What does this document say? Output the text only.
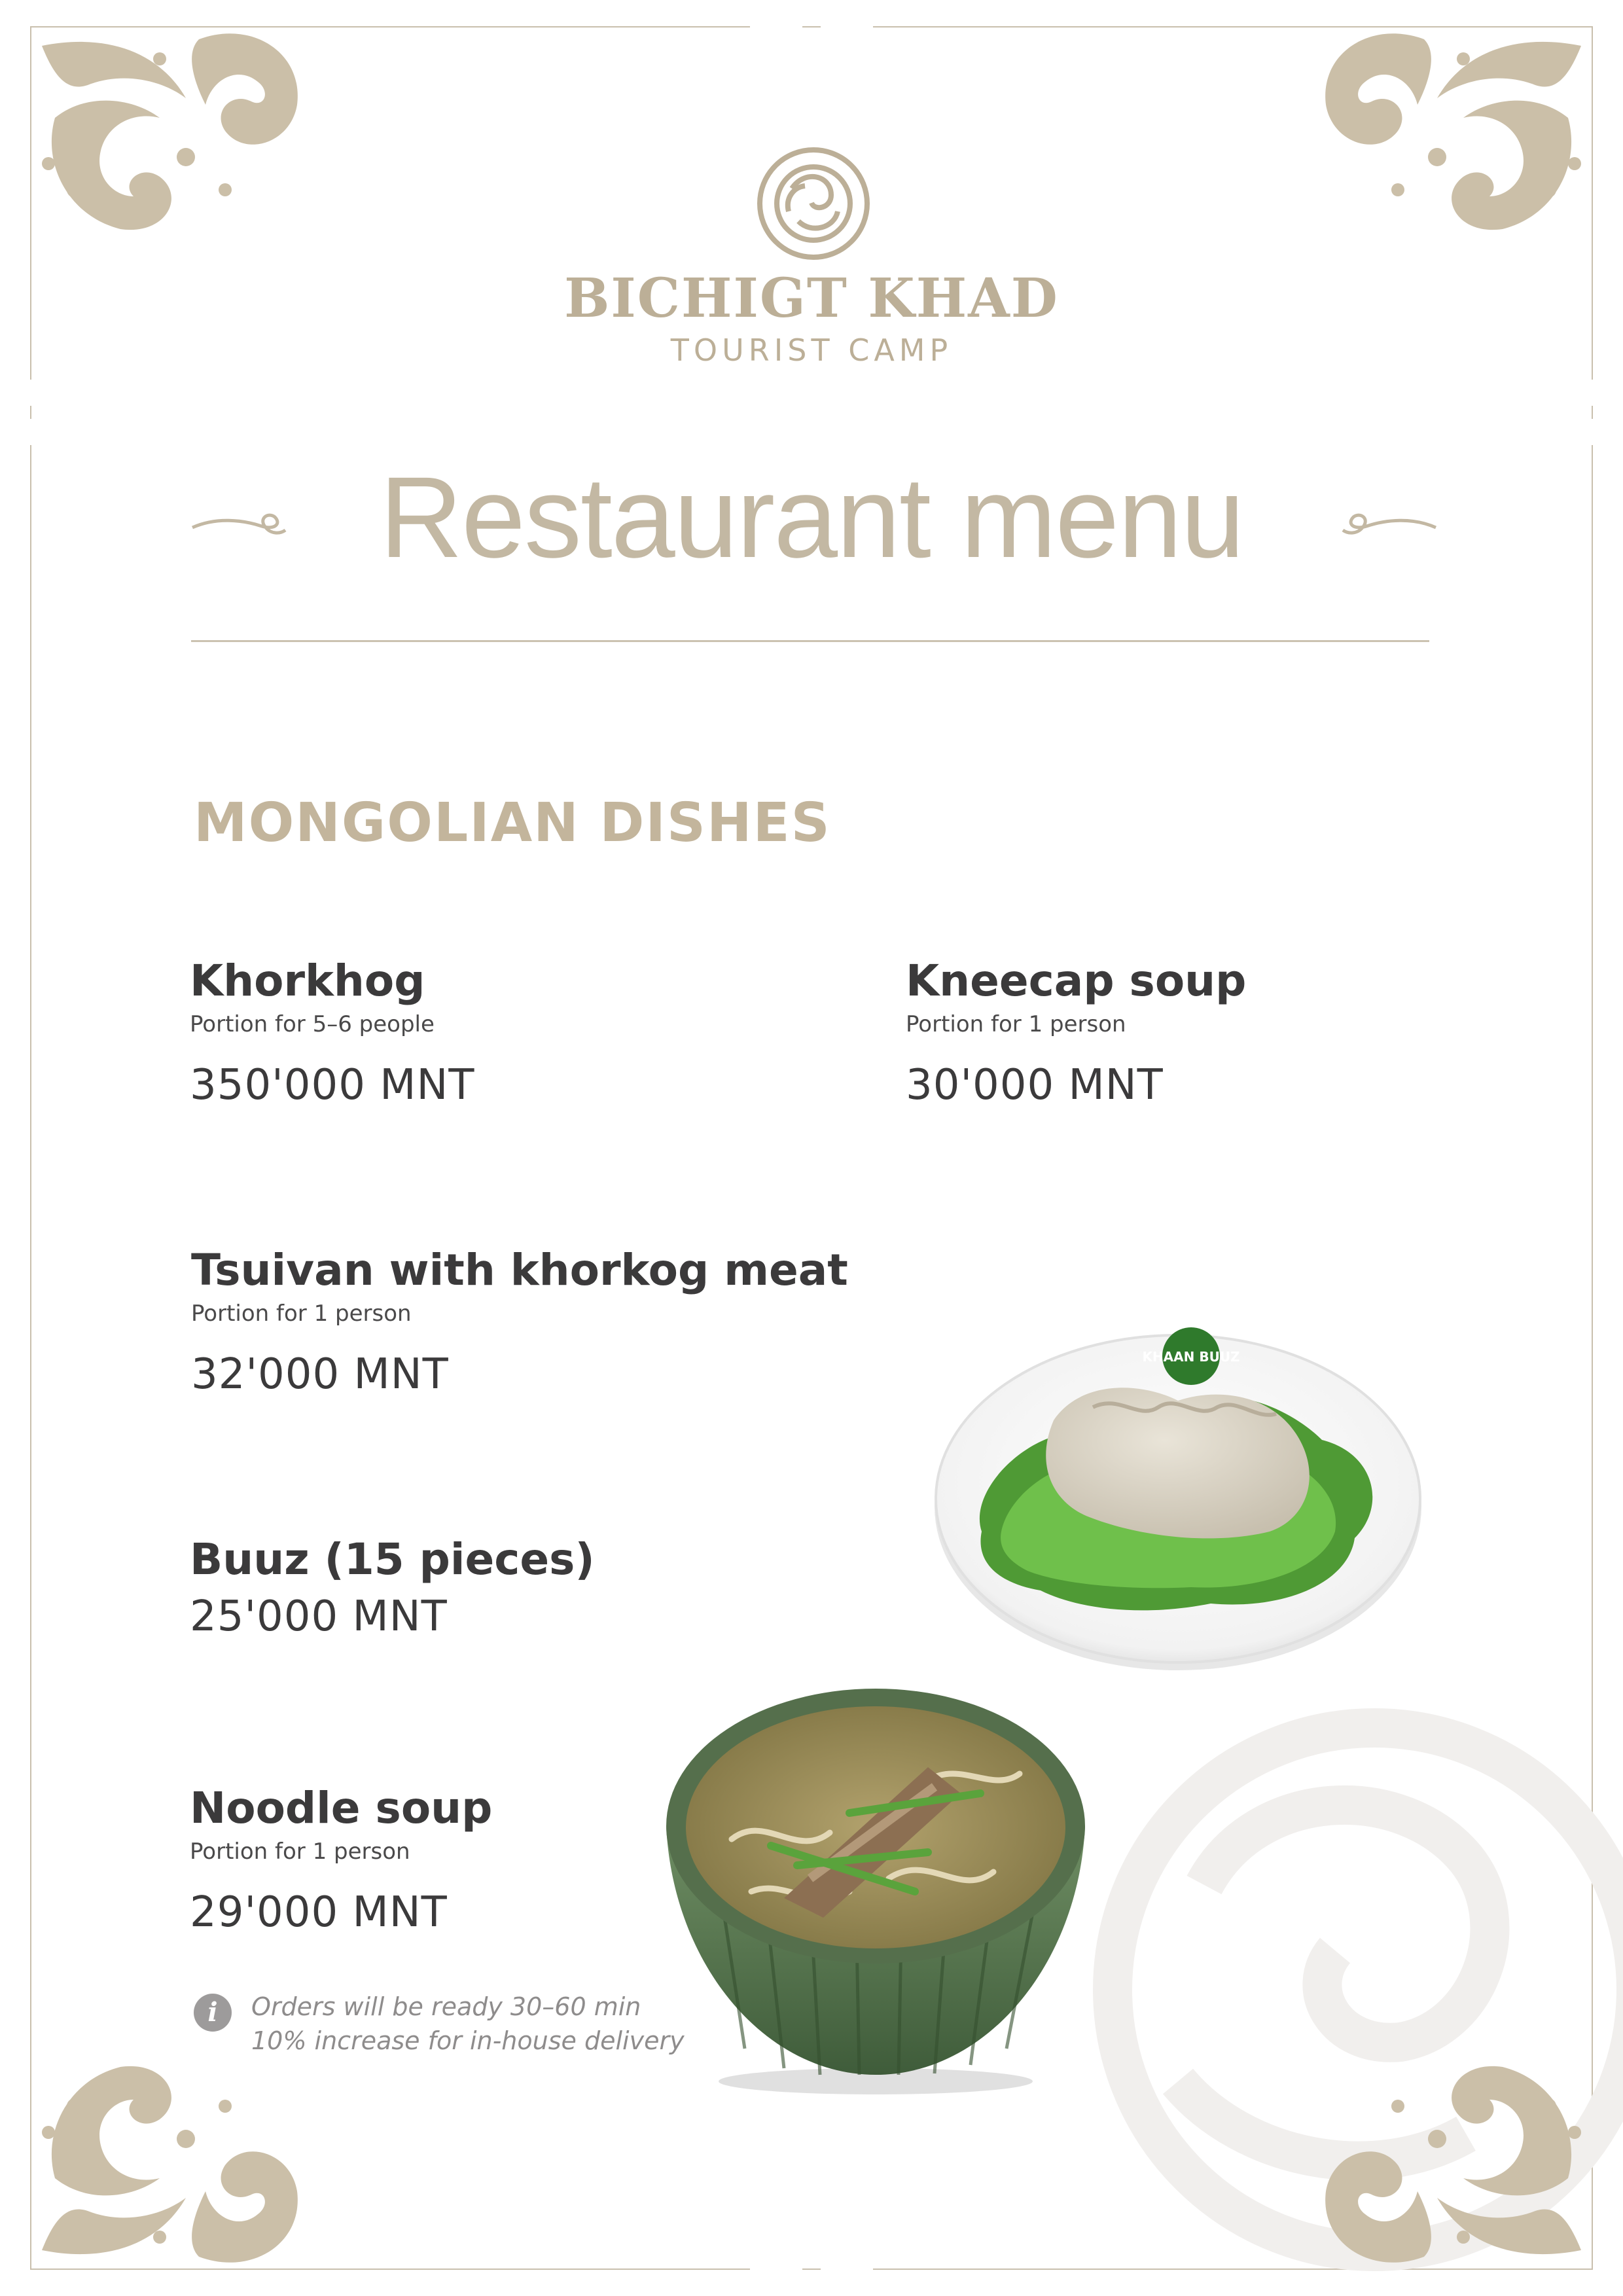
BICHIGT KHAD
TOURIST CAMP
Restaurant menu
MONGOLIAN DISHES
Khorkhog
Portion for 5–6 people
350'000 MNT
Kneecap soup
Portion for 1 person
30'000 MNT
Tsuivan with khorkog meat
Portion for 1 person
32'000 MNT
Buuz (15 pieces)
25'000 MNT
Noodle soup
Portion for 1 person
29'000 MNT
i	Orders will be ready 30–60 min
10% increase for in-house delivery
KHAAN BUUZ
